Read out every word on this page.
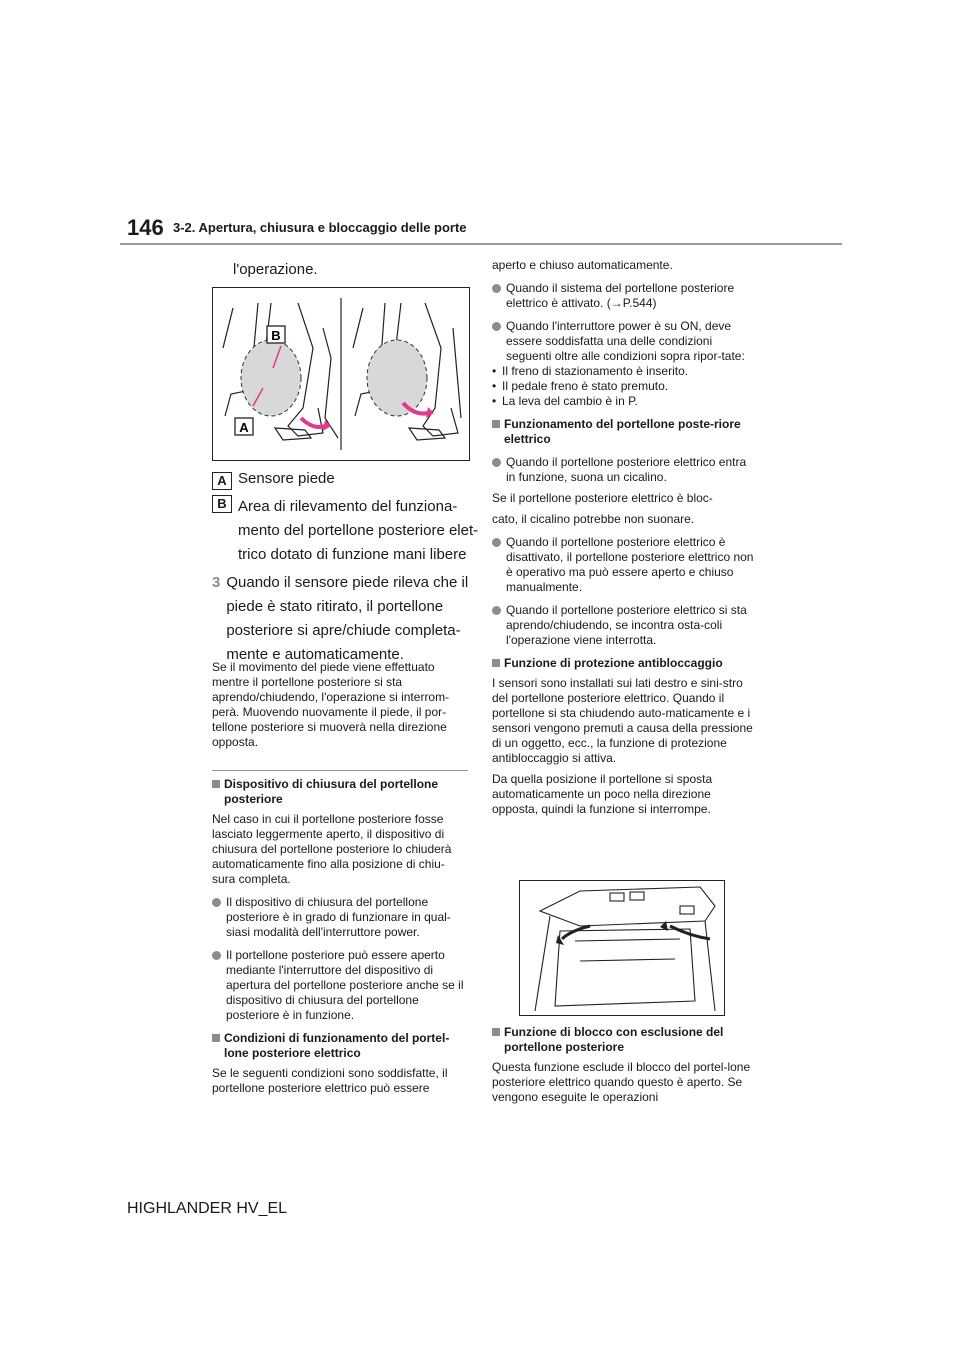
146 3-2. Apertura, chiusura e bloccaggio delle porte
l'operazione.
B
A

A Sensore piede

B Area di rilevamento del funziona-mento del portellone posteriore elet-trico dotato di funzione mani libere
3 Quando il sensore piede rileva che il piede è stato ritirato, il portellone posteriore si apre/chiude completa-mente e automaticamente.

Se il movimento del piede viene effettuato mentre il portellone posteriore si sta aprendo/chiudendo, l'operazione si interrom-perà. Muovendo nuovamente il piede, il por-tellone posteriore si muoverà nella direzione opposta.

Dispositivo di chiusura del portellone posteriore

Nel caso in cui il portellone posteriore fosse lasciato leggermente aperto, il dispositivo di chiusura del portellone posteriore lo chiuderà automaticamente fino alla posizione di chiu-sura completa.

Il dispositivo di chiusura del portellone posteriore è in grado di funzionare in qual-siasi modalità dell'interruttore power.

Il portellone posteriore può essere aperto mediante l'interruttore del dispositivo di apertura del portellone posteriore anche se il dispositivo di chiusura del portellone posteriore è in funzione.

Condizioni di funzionamento del portel-lone posteriore elettrico

Se le seguenti condizioni sono soddisfatte, il portellone posteriore elettrico può essere

aperto e chiuso automaticamente.

Quando il sistema del portellone posteriore elettrico è attivato. (→P.544)

Quando l'interruttore power è su ON, deve essere soddisfatta una delle condizioni seguenti oltre alle condizioni sopra ripor-tate:

• Il freno di stazionamento è inserito.

• Il pedale freno è stato premuto.

• La leva del cambio è in P.

Funzionamento del portellone poste-riore elettrico

Quando il portellone posteriore elettrico entra in funzione, suona un cicalino.

Se il portellone posteriore elettrico è bloc-

cato, il cicalino potrebbe non suonare.

Quando il portellone posteriore elettrico è disattivato, il portellone posteriore elettrico non è operativo ma può essere aperto e chiuso manualmente.

Quando il portellone posteriore elettrico si sta aprendo/chiudendo, se incontra osta-coli l'operazione viene interrotta.

Funzione di protezione antibloccaggio

I sensori sono installati sui lati destro e sini-stro del portellone posteriore elettrico. Quando il portellone si sta chiudendo auto-maticamente e i sensori vengono premuti a causa della pressione di un oggetto, ecc., la funzione di protezione antibloccaggio si attiva.

Da quella posizione il portellone si sposta automaticamente un poco nella direzione opposta, quindi la funzione si interrompe.

Funzione di blocco con esclusione del portellone posteriore

Questa funzione esclude il blocco del portel-lone posteriore elettrico quando questo è aperto. Se vengono eseguite le operazioni

HIGHLANDER HV_EL
